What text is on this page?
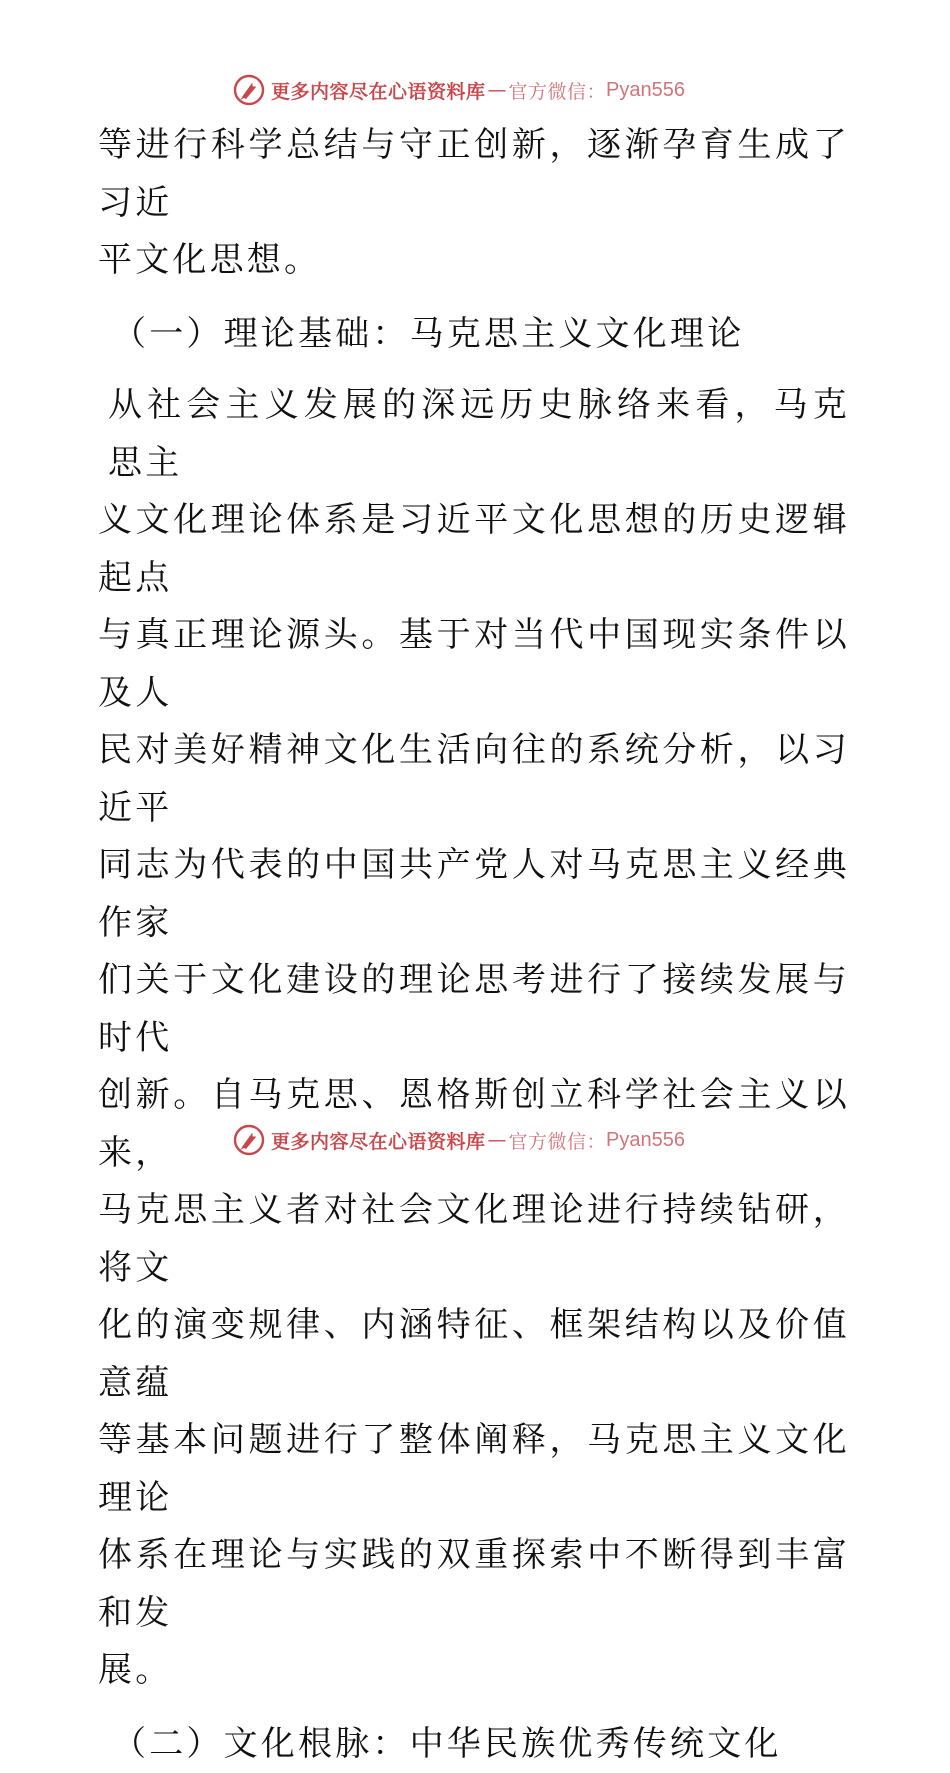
更多内容尽在心语资料库 — 官方微信： Pyan556

等进行科学总结与守正创新，逐渐孕育生成了习近

平文化思想。

（一）理论基础：马克思主义文化理论

从社会主义发展的深远历史脉络来看，马克思主

义文化理论体系是习近平文化思想的历史逻辑起点

与真正理论源头。基于对当代中国现实条件以及人

民对美好精神文化生活向往的系统分析，以习近平

同志为代表的中国共产党人对马克思主义经典作家

们关于文化建设的理论思考进行了接续发展与时代

创新。自马克思、恩格斯创立科学社会主义以来，

马克思主义者对社会文化理论进行持续钻研，将文

化的演变规律、内涵特征、框架结构以及价值意蕴

等基本问题进行了整体阐释，马克思主义文化理论

体系在理论与实践的双重探索中不断得到丰富和发

展。

（二）文化根脉：中华民族优秀传统文化

更多内容尽在心语资料库 — 官方微信： Pyan556
